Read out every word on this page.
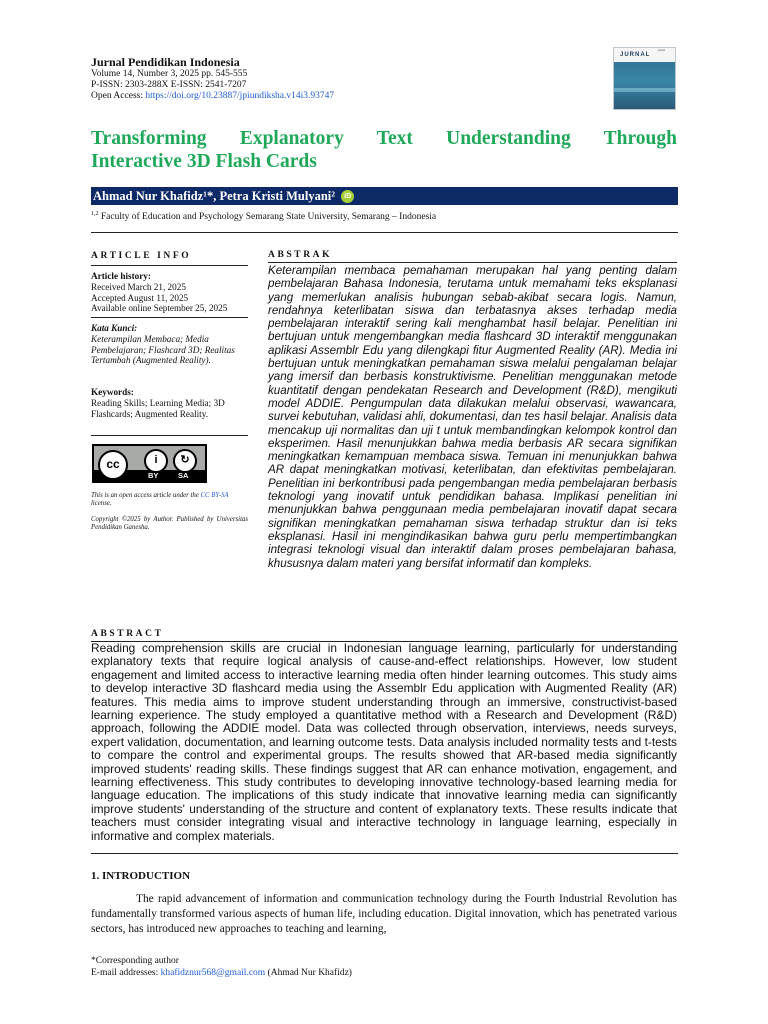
Jurnal Pendidikan Indonesia
Volume 14, Number 3, 2025 pp. 545-555
P-ISSN: 2303-288X E-ISSN: 2541-7207
Open Access: https://doi.org/10.23887/jpiundiksha.v14i3.93747
jurnal
JURNAL
Transforming Explanatory Text Understanding Through
Interactive 3D Flash Cards
Ahmad Nur Khafidz¹*, Petra Kristi Mulyani² iD
$^{1,2}$ Faculty of Education and Psychology Semarang State University, Semarang – Indonesia
ARTICLE INFO
Article history:
Received March 21, 2025
Accepted August 11, 2025
Available online September 25, 2025
Kata Kunci:
Keterampilan Membaca; Media Pembelajaran; Flashcard 3D; Realitas Tertambah (Augmented Reality).
Keywords:
Reading Skills; Learning Media; 3D Flashcards; Augmented Reality.
cc	i	↻
BY	SA
This is an open access article under the CC BY-SA license.
Copyright ©2025 by Author. Published by Universitas Pendidikan Ganesha.
ABSTRAK
Keterampilan membaca pemahaman merupakan hal yang penting dalam pembelajaran Bahasa Indonesia, terutama untuk memahami teks eksplanasi yang memerlukan analisis hubungan sebab-akibat secara logis. Namun, rendahnya keterlibatan siswa dan terbatasnya akses terhadap media pembelajaran interaktif sering kali menghambat hasil belajar. Penelitian ini bertujuan untuk mengembangkan media flashcard 3D interaktif menggunakan aplikasi Assemblr Edu yang dilengkapi fitur Augmented Reality (AR). Media ini bertujuan untuk meningkatkan pemahaman siswa melalui pengalaman belajar yang imersif dan berbasis konstruktivisme. Penelitian menggunakan metode kuantitatif dengan pendekatan Research and Development (R&D), mengikuti model ADDIE. Pengumpulan data dilakukan melalui observasi, wawancara, survei kebutuhan, validasi ahli, dokumentasi, dan tes hasil belajar. Analisis data mencakup uji normalitas dan uji t untuk membandingkan kelompok kontrol dan eksperimen. Hasil menunjukkan bahwa media berbasis AR secara signifikan meningkatkan kemampuan membaca siswa. Temuan ini menunjukkan bahwa AR dapat meningkatkan motivasi, keterlibatan, dan efektivitas pembelajaran. Penelitian ini berkontribusi pada pengembangan media pembelajaran berbasis teknologi yang inovatif untuk pendidikan bahasa. Implikasi penelitian ini menunjukkan bahwa penggunaan media pembelajaran inovatif dapat secara signifikan meningkatkan pemahaman siswa terhadap struktur dan isi teks eksplanasi. Hasil ini mengindikasikan bahwa guru perlu mempertimbangkan integrasi teknologi visual dan interaktif dalam proses pembelajaran bahasa, khususnya dalam materi yang bersifat informatif dan kompleks.
ABSTRACT
Reading comprehension skills are crucial in Indonesian language learning, particularly for understanding explanatory texts that require logical analysis of cause-and-effect relationships. However, low student engagement and limited access to interactive learning media often hinder learning outcomes. This study aims to develop interactive 3D flashcard media using the Assemblr Edu application with Augmented Reality (AR) features. This media aims to improve student understanding through an immersive, constructivist-based learning experience. The study employed a quantitative method with a Research and Development (R&D) approach, following the ADDIE model. Data was collected through observation, interviews, needs surveys, expert validation, documentation, and learning outcome tests. Data analysis included normality tests and t-tests to compare the control and experimental groups. The results showed that AR-based media significantly improved students' reading skills. These findings suggest that AR can enhance motivation, engagement, and learning effectiveness. This study contributes to developing innovative technology-based learning media for language education. The implications of this study indicate that innovative learning media can significantly improve students' understanding of the structure and content of explanatory texts. These results indicate that teachers must consider integrating visual and interactive technology in language learning, especially in informative and complex materials.
1. INTRODUCTION
The rapid advancement of information and communication technology during the Fourth Industrial Revolution has fundamentally transformed various aspects of human life, including education. Digital innovation, which has penetrated various sectors, has introduced new approaches to teaching and learning,
*Corresponding author
E-mail addresses: khafidznur568@gmail.com (Ahmad Nur Khafidz)
